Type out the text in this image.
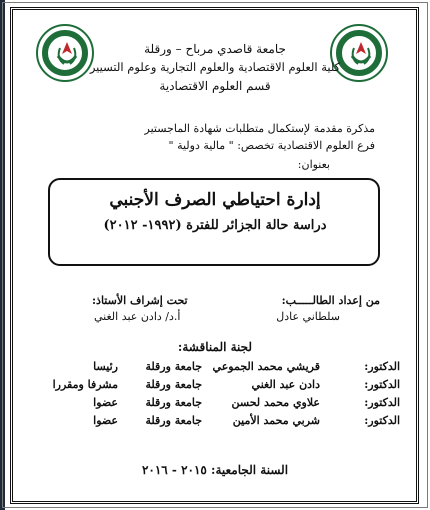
جامعة قاصدي مرباح – ورقلة
كلية العلوم الاقتصادية والعلوم التجارية وعلوم التسيير
قسم العلوم الاقتصادية
مذكرة مقدمة لإستكمال متطلبات شهادة الماجستير
فرع العلوم الاقتصادية تخصص: " مالية دولية "
بعنوان:
إدارة احتياطي الصرف الأجنبي
دراسة حالة الجزائر للفترة (١٩٩٢- ٢٠١٢)
من إعداد الطالـــــب:
سلطاني عادل
تحت إشراف الأستاذ:
أ.د/ دادن عبد الغني
لجنة المناقشة:
الدكتور:
قريشي محمد الجموعي
جامعة ورقلة
رئيسا
الدكتور:
دادن عبد الغني
جامعة ورقلة
مشرفا ومقررا
الدكتور:
علاوي محمد لحسن
جامعة ورقلة
عضوا
الدكتور:
شربي محمد الأمين
جامعة ورقلة
عضوا
السنة الجامعية: ٢٠١٥ - ٢٠١٦
